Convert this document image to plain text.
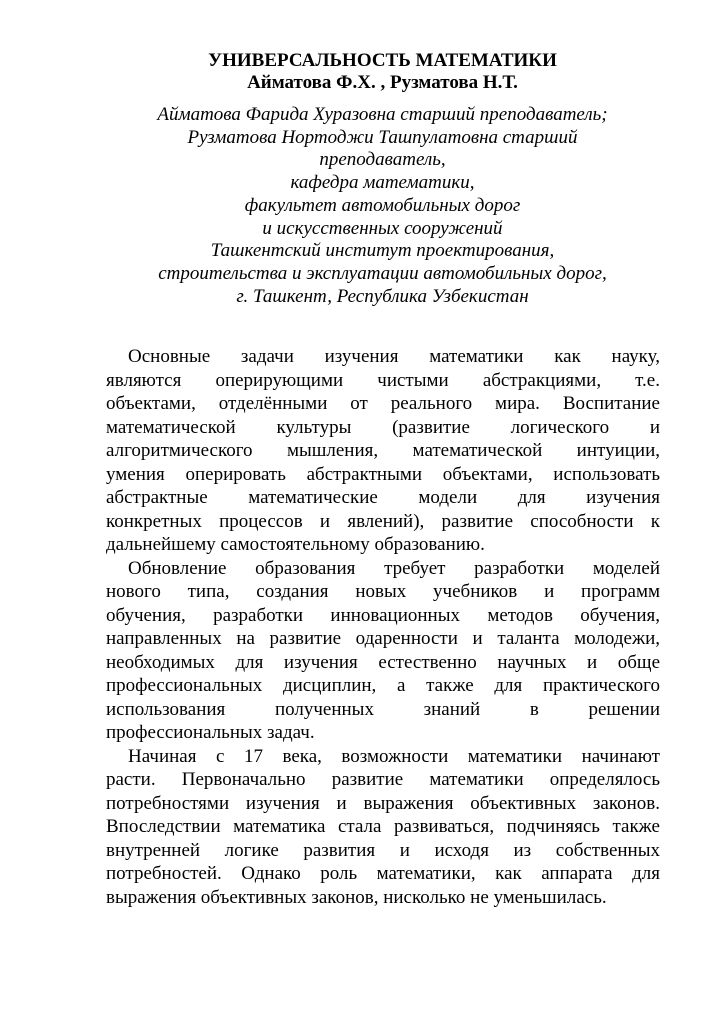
УНИВЕРСАЛЬНОСТЬ МАТЕМАТИКИ
Айматова Ф.Х. , Рузматова Н.Т.
Айматова Фарида Хуразовна старший преподаватель;
Рузматова Нортоджи Ташпулатовна старший
преподаватель,
кафедра математики,
факультет автомобильных дорог
и искусственных сооружений
Ташкентский институт проектирования,
строительства и эксплуатации автомобильных дорог,
г. Ташкент, Республика Узбекистан
Основные задачи изучения математики как науку,
являются оперирующими чистыми абстракциями, т.е.
объектами, отделёнными от реального мира. Воспитание
математической культуры (развитие логического и
алгоритмического мышления, математической интуиции,
умения оперировать абстрактными объектами, использовать
абстрактные математические модели для изучения
конкретных процессов и явлений), развитие способности к
дальнейшему самостоятельному образованию.
Обновление образования требует разработки моделей
нового типа, создания новых учебников и программ
обучения, разработки инновационных методов обучения,
направленных на развитие одаренности и таланта молодежи,
необходимых для изучения естественно научных и обще
профессиональных дисциплин, а также для практического
использования полученных знаний в решении
профессиональных задач.
Начиная с 17 века, возможности математики начинают
расти. Первоначально развитие математики определялось
потребностями изучения и выражения объективных законов.
Впоследствии математика стала развиваться, подчиняясь также
внутренней логике развития и исходя из собственных
потребностей. Однако роль математики, как аппарата для
выражения объективных законов, нисколько не уменьшилась.
